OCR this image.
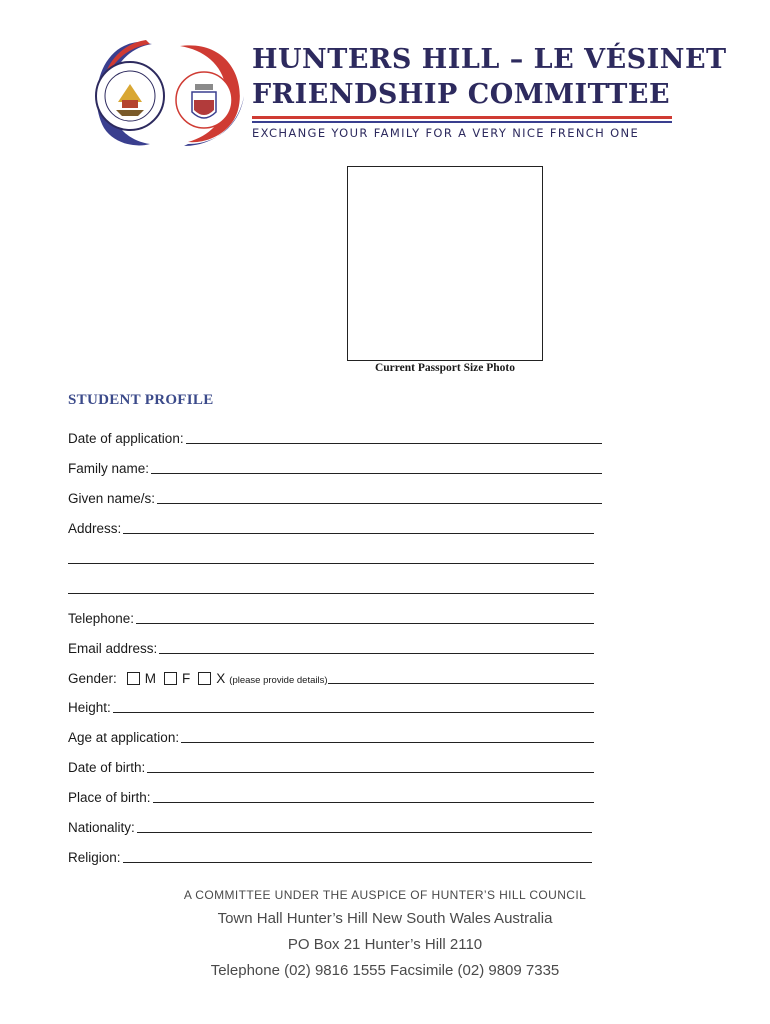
HUNTERS HILL – LE VÉSINET
FRIENDSHIP COMMITTEE
EXCHANGE YOUR FAMILY FOR A VERY NICE FRENCH ONE
Current Passport Size Photo
STUDENT PROFILE
Date of application:
Family name:
Given name/s:
Address:
Telephone:
Email address:
Gender: M F X (please provide details)
Height:
Age at application:
Date of birth:
Place of birth:
Nationality:
Religion:
A COMMITTEE UNDER THE AUSPICE OF HUNTER’S HILL COUNCIL
Town Hall Hunter’s Hill New South Wales Australia
PO Box 21 Hunter’s Hill 2110
Telephone (02) 9816 1555 Facsimile (02) 9809 7335
